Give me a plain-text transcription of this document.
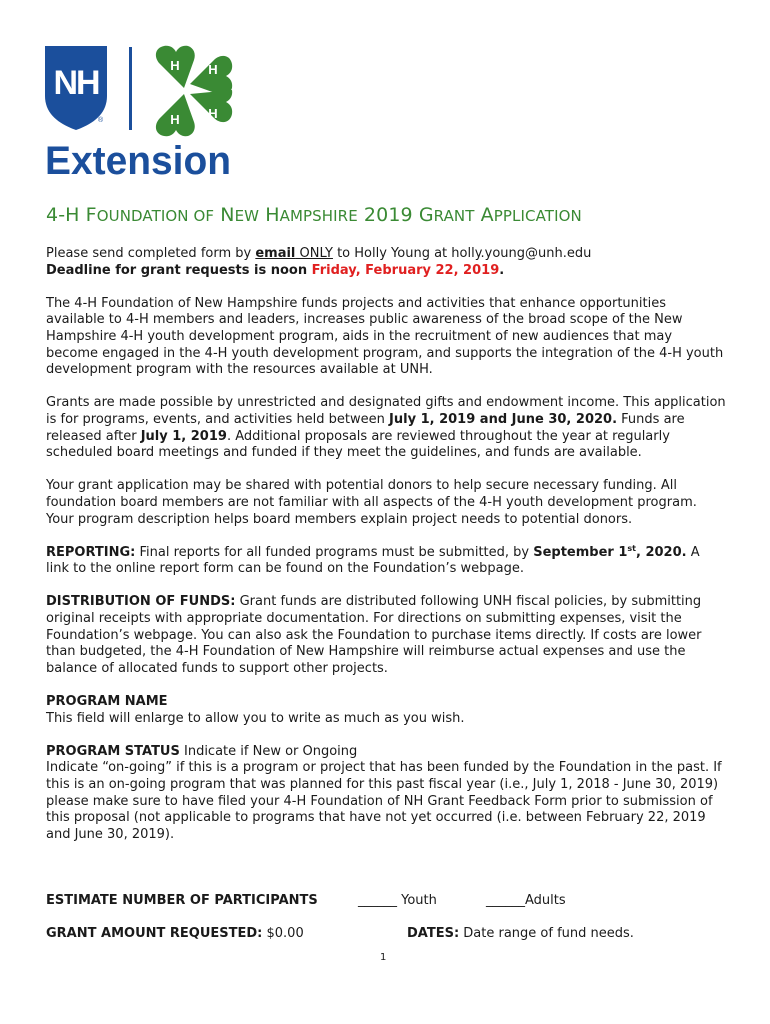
NH
®
H H
H H
Extension
4-H FOUNDATION OF NEW HAMPSHIRE 2019 GRANT APPLICATION

Please send completed form by email ONLY to Holly Young at holly.young@unh.edu
Deadline for grant requests is noon Friday, February 22, 2019.

The 4-H Foundation of New Hampshire funds projects and activities that enhance opportunities available to 4-H members and leaders, increases public awareness of the broad scope of the New Hampshire 4-H youth development program, aids in the recruitment of new audiences that may become engaged in the 4-H youth development program, and supports the integration of the 4-H youth development program with the resources available at UNH.

Grants are made possible by unrestricted and designated gifts and endowment income. This application is for programs, events, and activities held between July 1, 2019 and June 30, 2020. Funds are released after July 1, 2019. Additional proposals are reviewed throughout the year at regularly scheduled board meetings and funded if they meet the guidelines, and funds are available.

Your grant application may be shared with potential donors to help secure necessary funding. All foundation board members are not familiar with all aspects of the 4-H youth development program. Your program description helps board members explain project needs to potential donors.

REPORTING: Final reports for all funded programs must be submitted, by September 1st, 2020. A link to the online report form can be found on the Foundation’s webpage.

DISTRIBUTION OF FUNDS: Grant funds are distributed following UNH fiscal policies, by submitting original receipts with appropriate documentation. For directions on submitting expenses, visit the Foundation’s webpage. You can also ask the Foundation to purchase items directly. If costs are lower than budgeted, the 4-H Foundation of New Hampshire will reimburse actual expenses and use the balance of allocated funds to support other projects.

PROGRAM NAME
This field will enlarge to allow you to write as much as you wish.

PROGRAM STATUS Indicate if New or Ongoing
Indicate “on-going” if this is a program or project that has been funded by the Foundation in the past. If this is an on-going program that was planned for this past fiscal year (i.e., July 1, 2018 - June 30, 2019) please make sure to have filed your 4-H Foundation of NH Grant Feedback Form prior to submission of this proposal (not applicable to programs that have not yet occurred (i.e. between February 22, 2019 and June 30, 2019).

ESTIMATE NUMBER OF PARTICIPANTS	______ Youth	______Adults
GRANT AMOUNT REQUESTED: $0.00	DATES: Date range of fund needs.
1
